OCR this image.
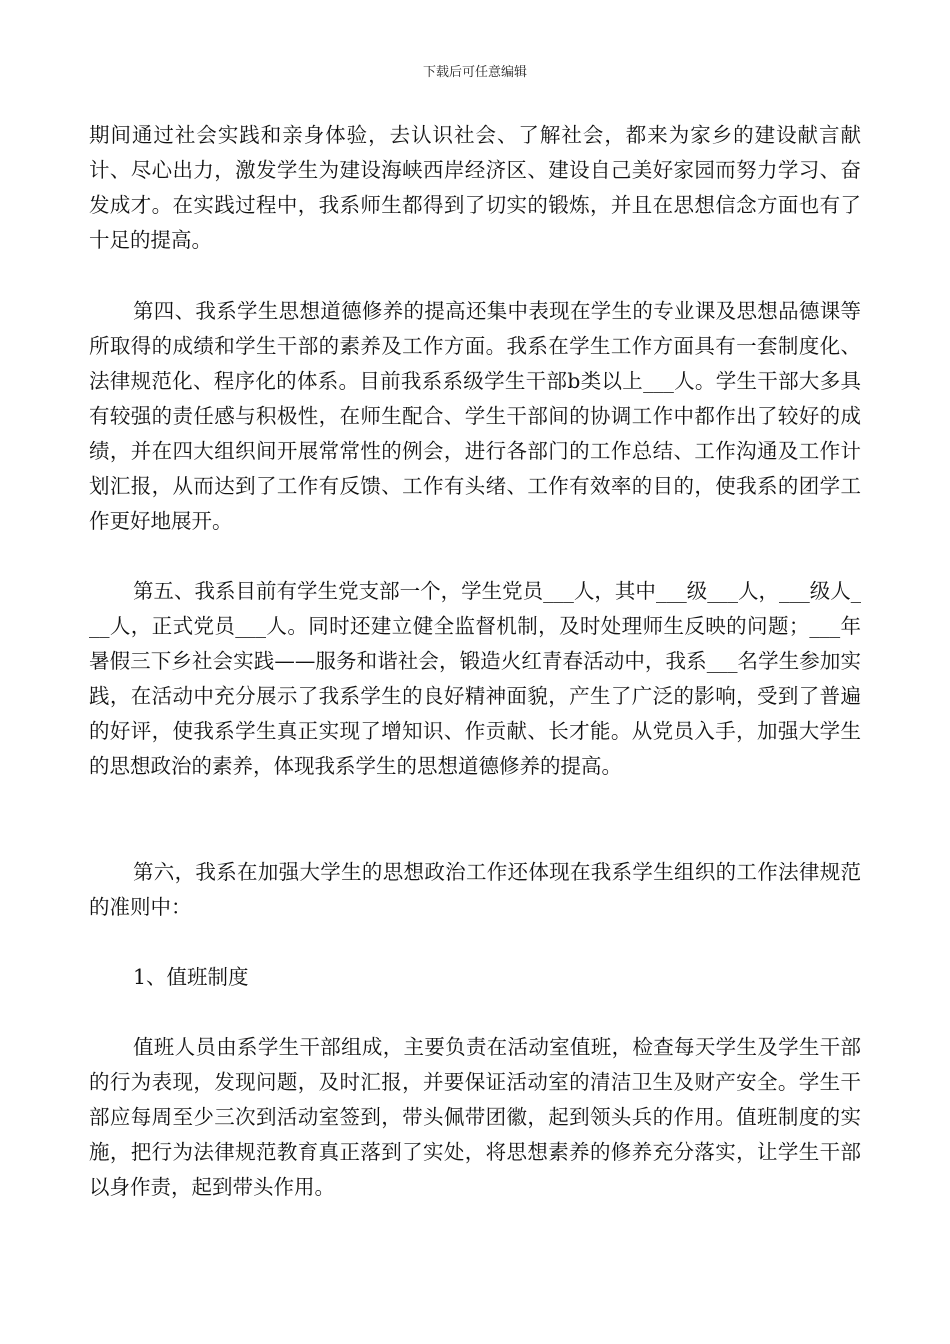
下载后可任意编辑

期间通过社会实践和亲身体验，去认识社会、了解社会，都来为家乡的建设献言献计、尽心出力，激发学生为建设海峡西岸经济区、建设自己美好家园而努力学习、奋发成才。在实践过程中，我系师生都得到了切实的锻炼，并且在思想信念方面也有了十足的提高。

第四、我系学生思想道德修养的提高还集中表现在学生的专业课及思想品德课等所取得的成绩和学生干部的素养及工作方面。我系在学生工作方面具有一套制度化、法律规范化、程序化的体系。目前我系系级学生干部b类以上___人。学生干部大多具有较强的责任感与积极性，在师生配合、学生干部间的协调工作中都作出了较好的成绩，并在四大组织间开展常常性的例会，进行各部门的工作总结、工作沟通及工作计划汇报，从而达到了工作有反馈、工作有头绪、工作有效率的目的，使我系的团学工作更好地展开。

第五、我系目前有学生党支部一个，学生党员___人，其中___级___人，___级人___人，正式党员___人。同时还建立健全监督机制，及时处理师生反映的问题；___年暑假三下乡社会实践——服务和谐社会，锻造火红青春活动中，我系___名学生参加实践，在活动中充分展示了我系学生的良好精神面貌，产生了广泛的影响，受到了普遍的好评，使我系学生真正实现了增知识、作贡献、长才能。从党员入手，加强大学生的思想政治的素养，体现我系学生的思想道德修养的提高。

第六，我系在加强大学生的思想政治工作还体现在我系学生组织的工作法律规范的准则中：

1、值班制度

值班人员由系学生干部组成，主要负责在活动室值班，检查每天学生及学生干部的行为表现，发现问题，及时汇报，并要保证活动室的清洁卫生及财产安全。学生干部应每周至少三次到活动室签到，带头佩带团徽，起到领头兵的作用。值班制度的实施，把行为法律规范教育真正落到了实处，将思想素养的修养充分落实，让学生干部以身作责，起到带头作用。
